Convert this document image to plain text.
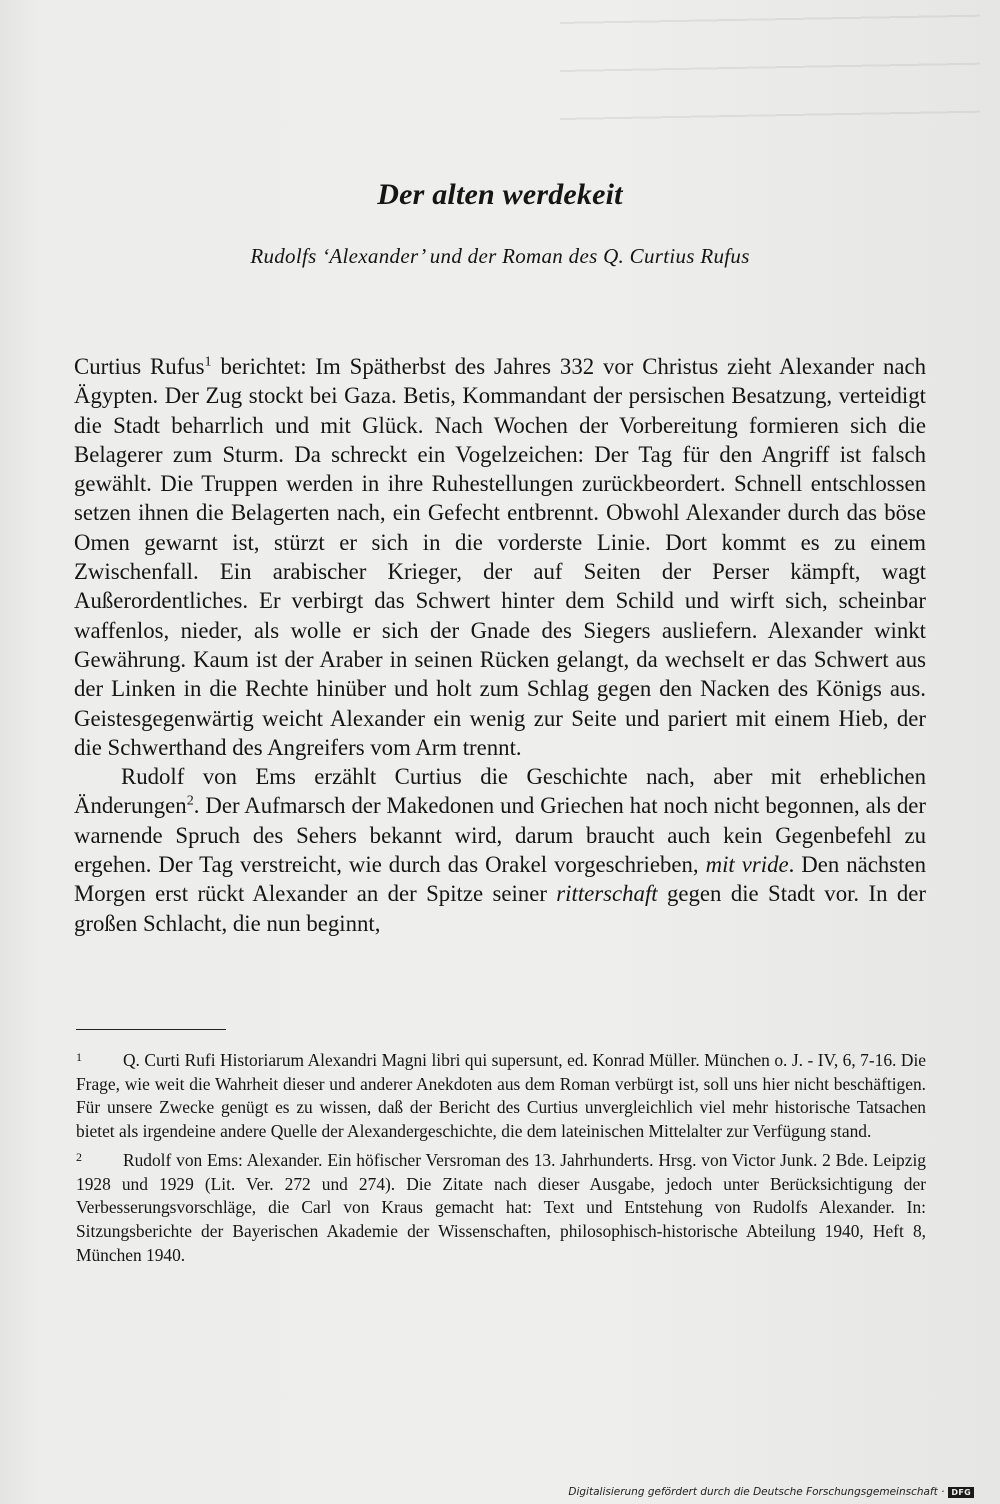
Der alten werdekeit
Rudolfs ‘Alexander’ und der Roman des Q. Curtius Rufus

Curtius Rufus$^1$ berichtet: Im Spätherbst des Jahres 332 vor Christus zieht Alexander nach Ägypten. Der Zug stockt bei Gaza. Betis, Kommandant der persischen Besatzung, verteidigt die Stadt beharrlich und mit Glück. Nach Wochen der Vorbereitung formieren sich die Belagerer zum Sturm. Da schreckt ein Vogelzeichen: Der Tag für den Angriff ist falsch gewählt. Die Truppen werden in ihre Ruhestellungen zurückbeordert. Schnell entschlossen setzen ihnen die Belagerten nach, ein Gefecht entbrennt. Obwohl Alexander durch das böse Omen gewarnt ist, stürzt er sich in die vorderste Linie. Dort kommt es zu einem Zwischenfall. Ein arabischer Krieger, der auf Seiten der Perser kämpft, wagt Außerordentliches. Er verbirgt das Schwert hinter dem Schild und wirft sich, scheinbar waffenlos, nieder, als wolle er sich der Gnade des Siegers ausliefern. Alexander winkt Gewährung. Kaum ist der Araber in seinen Rücken gelangt, da wechselt er das Schwert aus der Linken in die Rechte hinüber und holt zum Schlag gegen den Nacken des Königs aus. Geistesgegenwärtig weicht Alexander ein wenig zur Seite und pariert mit einem Hieb, der die Schwerthand des Angreifers vom Arm trennt.

Rudolf von Ems erzählt Curtius die Geschichte nach, aber mit erheblichen Änderungen$^2$. Der Aufmarsch der Makedonen und Griechen hat noch nicht begonnen, als der warnende Spruch des Sehers bekannt wird, darum braucht auch kein Gegenbefehl zu ergehen. Der Tag verstreicht, wie durch das Orakel vorgeschrieben, mit vride. Den nächsten Morgen erst rückt Alexander an der Spitze seiner ritterschaft gegen die Stadt vor. In der großen Schlacht, die nun beginnt,

1 Q. Curti Rufi Historiarum Alexandri Magni libri qui supersunt, ed. Konrad Müller. München o. J. - IV, 6, 7-16. Die Frage, wie weit die Wahrheit dieser und anderer Anekdoten aus dem Roman verbürgt ist, soll uns hier nicht beschäftigen. Für unsere Zwecke genügt es zu wissen, daß der Bericht des Curtius unvergleichlich viel mehr historische Tatsachen bietet als irgendeine andere Quelle der Alexandergeschichte, die dem lateinischen Mittelalter zur Verfügung stand.

2 Rudolf von Ems: Alexander. Ein höfischer Versroman des 13. Jahrhunderts. Hrsg. von Victor Junk. 2 Bde. Leipzig 1928 und 1929 (Lit. Ver. 272 und 274). Die Zitate nach dieser Ausgabe, jedoch unter Berücksichtigung der Verbesserungsvorschläge, die Carl von Kraus gemacht hat: Text und Entstehung von Rudolfs Alexander. In: Sitzungsberichte der Bayerischen Akademie der Wissenschaften, philosophisch-historische Abteilung 1940, Heft 8, München 1940.

Digitalisierung gefördert durch die Deutsche Forschungsgemeinschaft · DFG
